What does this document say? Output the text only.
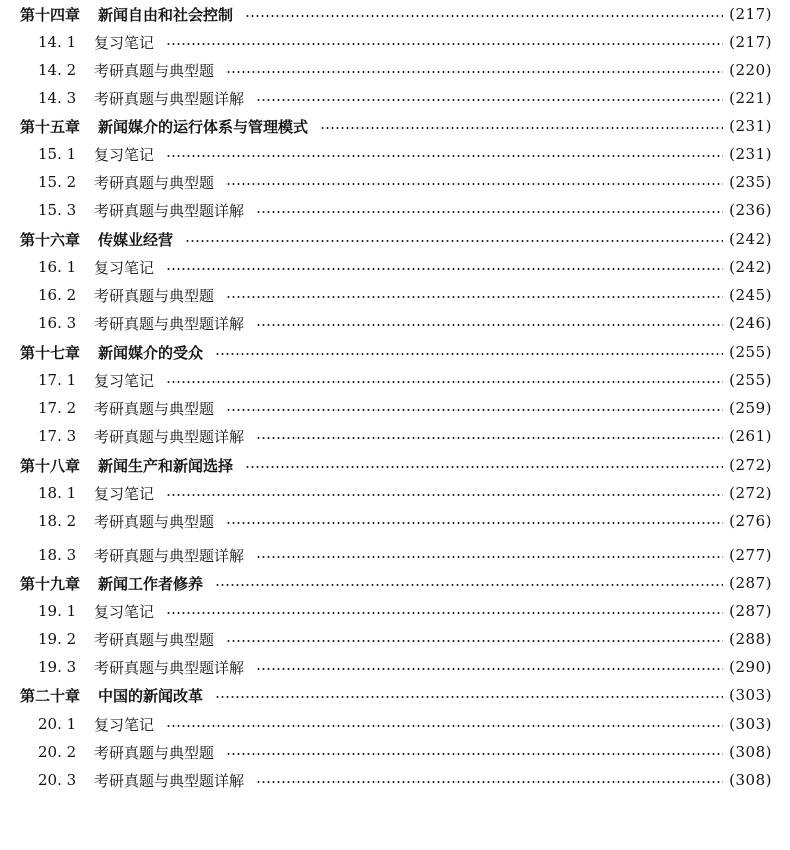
第十四章 新闻自由和社会控制	(217)
14. 1	复习笔记	(217)
14. 2	考研真题与典型题	(220)
14. 3	考研真题与典型题详解	(221)
第十五章 新闻媒介的运行体系与管理模式	(231)
15. 1	复习笔记	(231)
15. 2	考研真题与典型题	(235)
15. 3	考研真题与典型题详解	(236)
第十六章 传媒业经营	(242)
16. 1	复习笔记	(242)
16. 2	考研真题与典型题	(245)
16. 3	考研真题与典型题详解	(246)
第十七章 新闻媒介的受众	(255)
17. 1	复习笔记	(255)
17. 2	考研真题与典型题	(259)
17. 3	考研真题与典型题详解	(261)
第十八章 新闻生产和新闻选择	(272)
18. 1	复习笔记	(272)
18. 2	考研真题与典型题	(276)
18. 3	考研真题与典型题详解	(277)
第十九章 新闻工作者修养	(287)
19. 1	复习笔记	(287)
19. 2	考研真题与典型题	(288)
19. 3	考研真题与典型题详解	(290)
第二十章 中国的新闻改革	(303)
20. 1	复习笔记	(303)
20. 2	考研真题与典型题	(308)
20. 3	考研真题与典型题详解	(308)
